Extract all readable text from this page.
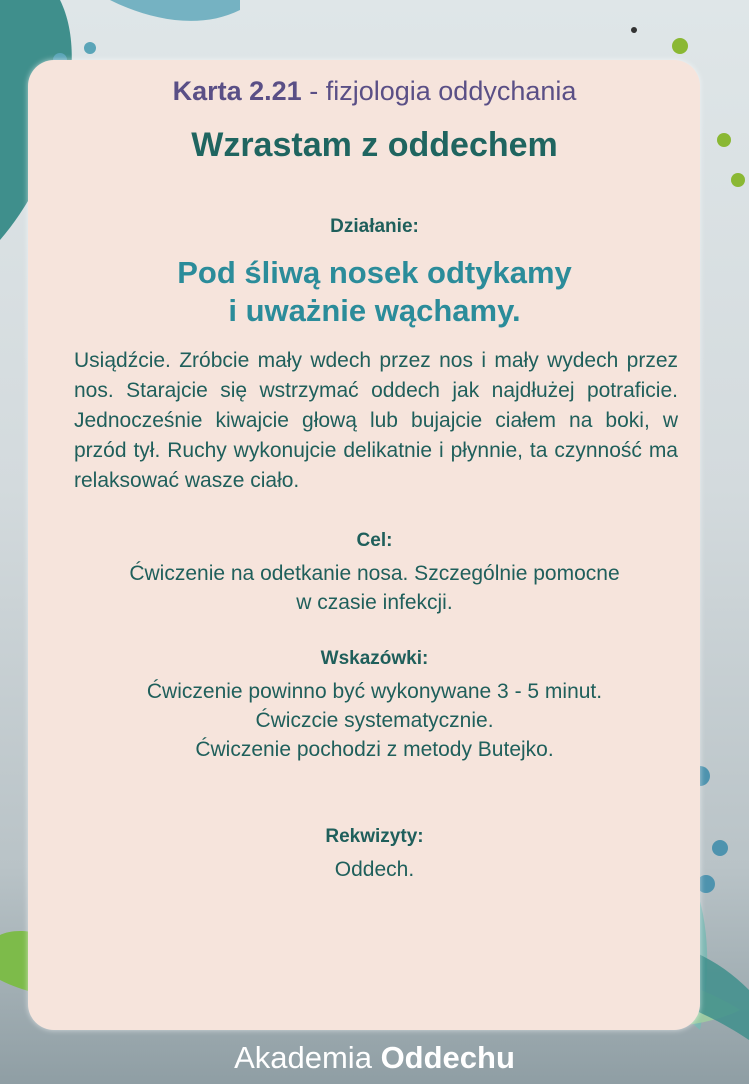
Karta 2.21 - fizjologia oddychania
Wzrastam z oddechem
Działanie:
Pod śliwą nosek odtykamy
i uważnie wąchamy.
Usiądźcie. Zróbcie mały wdech przez nos i mały wydech przez nos. Starajcie się wstrzymać oddech jak najdłużej potraficie. Jednocześnie kiwajcie głową lub bujajcie ciałem na boki, w przód tył. Ruchy wykonujcie delikatnie i płynnie, ta czynność ma relaksować wasze ciało.
Cel:
Ćwiczenie na odetkanie nosa. Szczególnie pomocne
w czasie infekcji.
Wskazówki:
Ćwiczenie powinno być wykonywane 3 - 5 minut.
Ćwiczcie systematycznie.
Ćwiczenie pochodzi z metody Butejko.
Rekwizyty:
Oddech.
Akademia Oddechu
